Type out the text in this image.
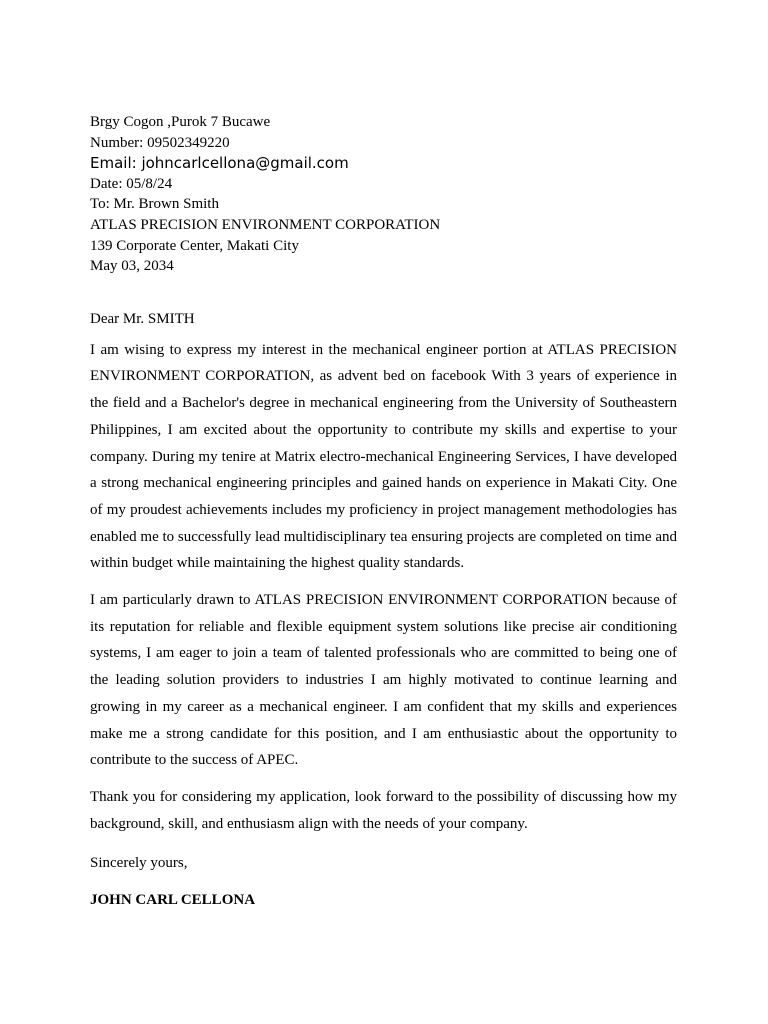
Brgy Cogon ,Purok 7 Bucawe
Number: 09502349220
Email: johncarlcellona@gmail.com
Date: 05/8/24
To: Mr. Brown Smith
ATLAS PRECISION ENVIRONMENT CORPORATION
139 Corporate Center, Makati City
May 03, 2034
Dear Mr. SMITH

I am wising to express my interest in the mechanical engineer portion at ATLAS PRECISION ENVIRONMENT CORPORATION, as advent bed on facebook With 3 years of experience in the field and a Bachelor's degree in mechanical engineering from the University of Southeastern Philippines, I am excited about the opportunity to contribute my skills and expertise to your company. During my tenire at Matrix electro-mechanical Engineering Services, I have developed a strong mechanical engineering principles and gained hands on experience in Makati City. One of my proudest achievements includes my proficiency in project management methodologies has enabled me to successfully lead multidisciplinary tea ensuring projects are completed on time and within budget while maintaining the highest quality standards.

I am particularly drawn to ATLAS PRECISION ENVIRONMENT CORPORATION because of its reputation for reliable and flexible equipment system solutions like precise air conditioning systems, I am eager to join a team of talented professionals who are committed to being one of the leading solution providers to industries I am highly motivated to continue learning and growing in my career as a mechanical engineer. I am confident that my skills and experiences make me a strong candidate for this position, and I am enthusiastic about the opportunity to contribute to the success of APEC.

Thank you for considering my application, look forward to the possibility of discussing how my background, skill, and enthusiasm align with the needs of your company.

Sincerely yours,
JOHN CARL CELLONA
